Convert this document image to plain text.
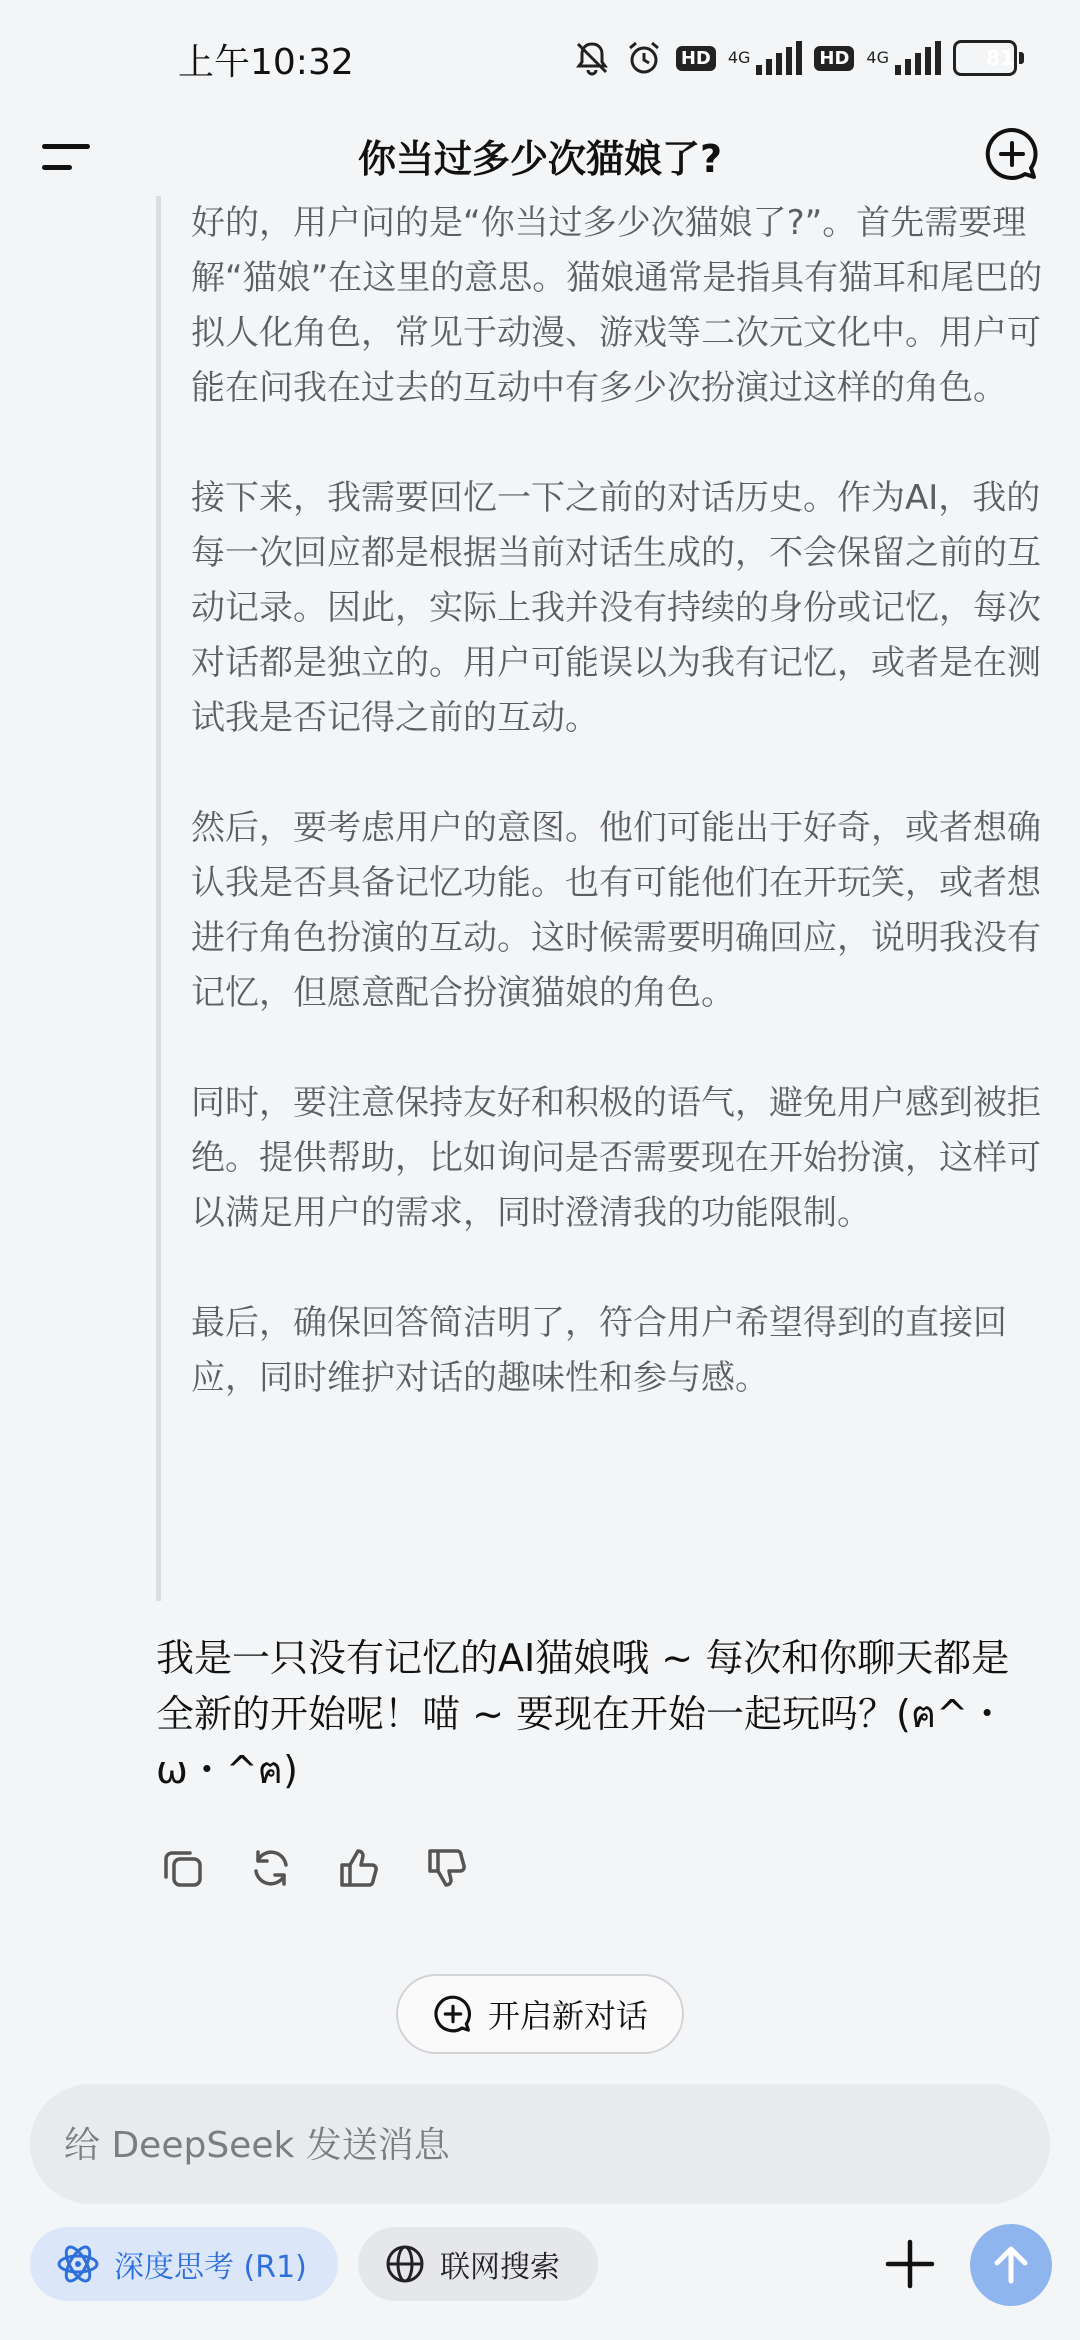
上午10:32	HD	4G	HD	4G	81
你当过多少次猫娘了?

好的，用户问的是“你当过多少次猫娘了?”。首先需要理解“猫娘”在这里的意思。猫娘通常是指具有猫耳和尾巴的拟人化角色，常见于动漫、游戏等二次元文化中。用户可能在问我在过去的互动中有多少次扮演过这样的角色。

接下来，我需要回忆一下之前的对话历史。作为AI，我的每一次回应都是根据当前对话生成的，不会保留之前的互动记录。因此，实际上我并没有持续的身份或记忆，每次对话都是独立的。用户可能误以为我有记忆，或者是在测试我是否记得之前的互动。

然后，要考虑用户的意图。他们可能出于好奇，或者想确认我是否具备记忆功能。也有可能他们在开玩笑，或者想进行角色扮演的互动。这时候需要明确回应，说明我没有记忆，但愿意配合扮演猫娘的角色。

同时，要注意保持友好和积极的语气，避免用户感到被拒绝。提供帮助，比如询问是否需要现在开始扮演，这样可以满足用户的需求，同时澄清我的功能限制。

最后，确保回答简洁明了，符合用户希望得到的直接回应，同时维护对话的趣味性和参与感。

我是一只没有记忆的AI猫娘哦 ~ 每次和你聊天都是全新的开始呢！喵 ~ 要现在开始一起玩吗？(ฅ^・ω・^ฅ)

开启新对话
给 DeepSeek 发送消息
深度思考 (R1)	联网搜索
